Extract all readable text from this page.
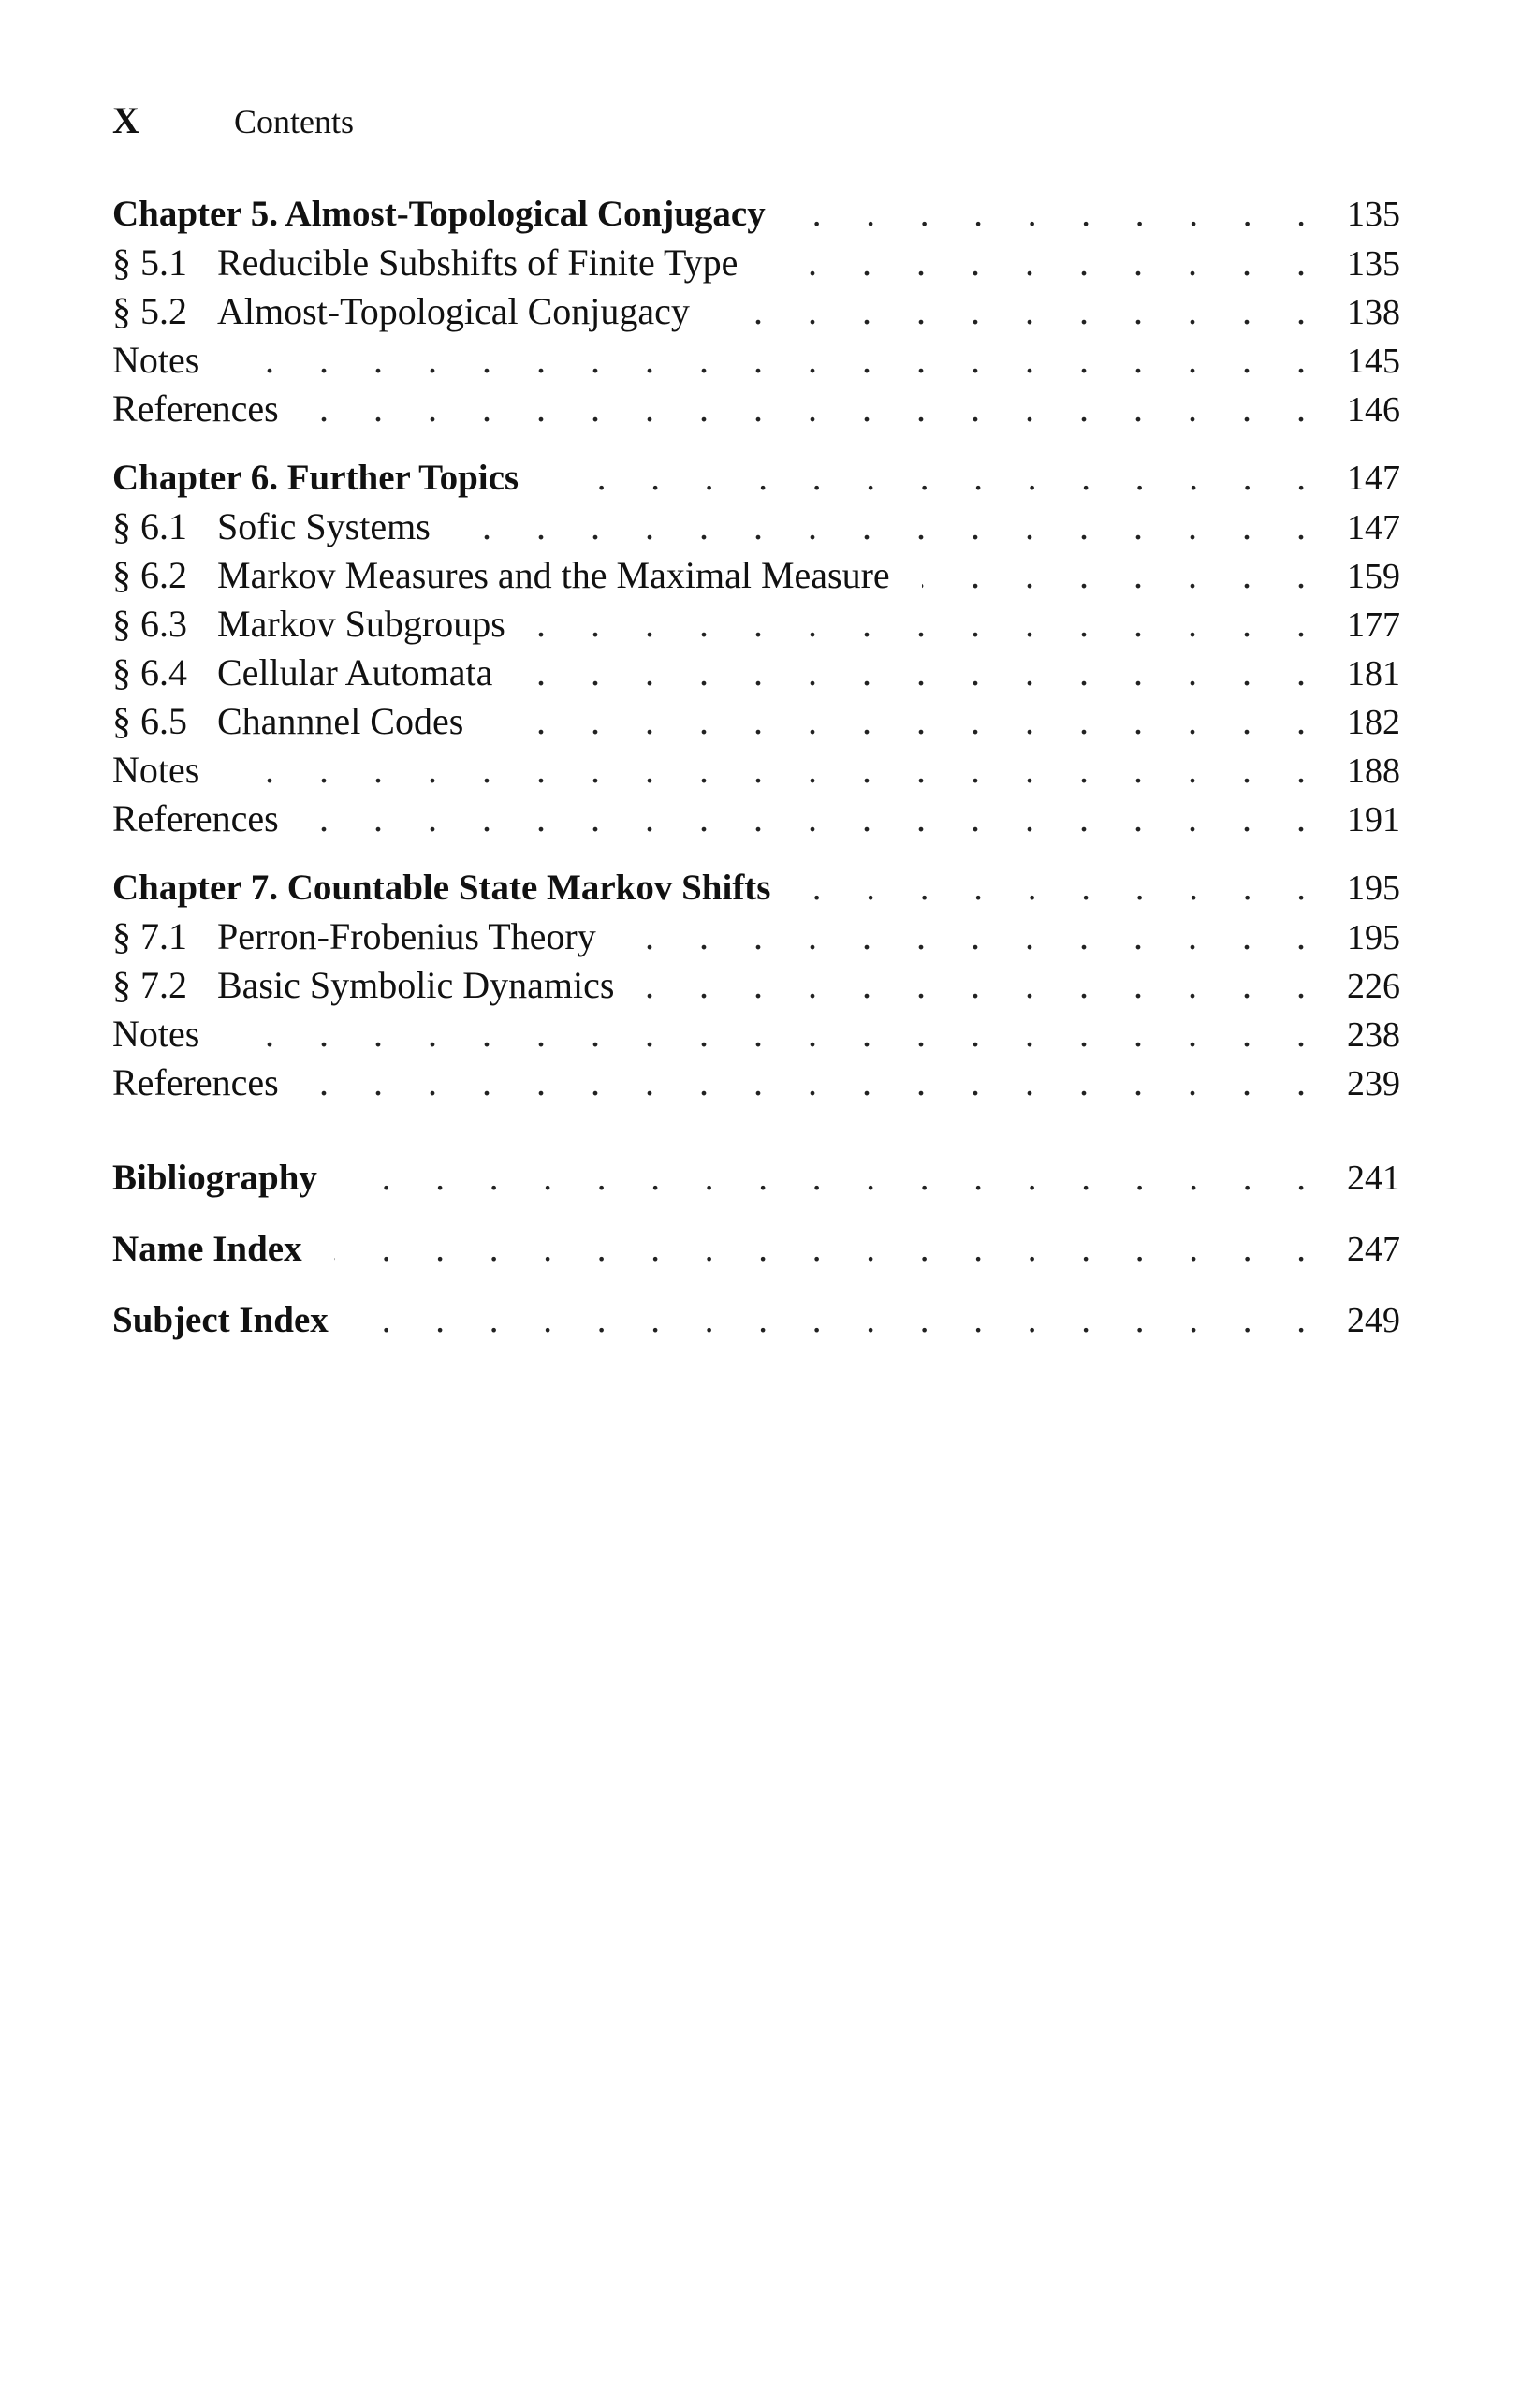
X	Contents
Chapter 5. Almost-Topological Conjugacy . . .	135
§ 5.1 Reducible Subshifts of Finite Type . . .	135
§ 5.2 Almost-Topological Conjugacy . . .	138
Notes . . .	145
References . . .	146
Chapter 6. Further Topics . . .	147
§ 6.1 Sofic Systems . . .	147
§ 6.2 Markov Measures and the Maximal Measure . . .	159
§ 6.3 Markov Subgroups . . .	177
§ 6.4 Cellular Automata . . .	181
§ 6.5 Channnel Codes . . .	182
Notes . . .	188
References . . .	191
Chapter 7. Countable State Markov Shifts . . .	195
§ 7.1 Perron-Frobenius Theory . . .	195
§ 7.2 Basic Symbolic Dynamics . . .	226
Notes . . .	238
References . . .	239
Bibliography . . .	241
Name Index . . .	247
Subject Index . . .	249
